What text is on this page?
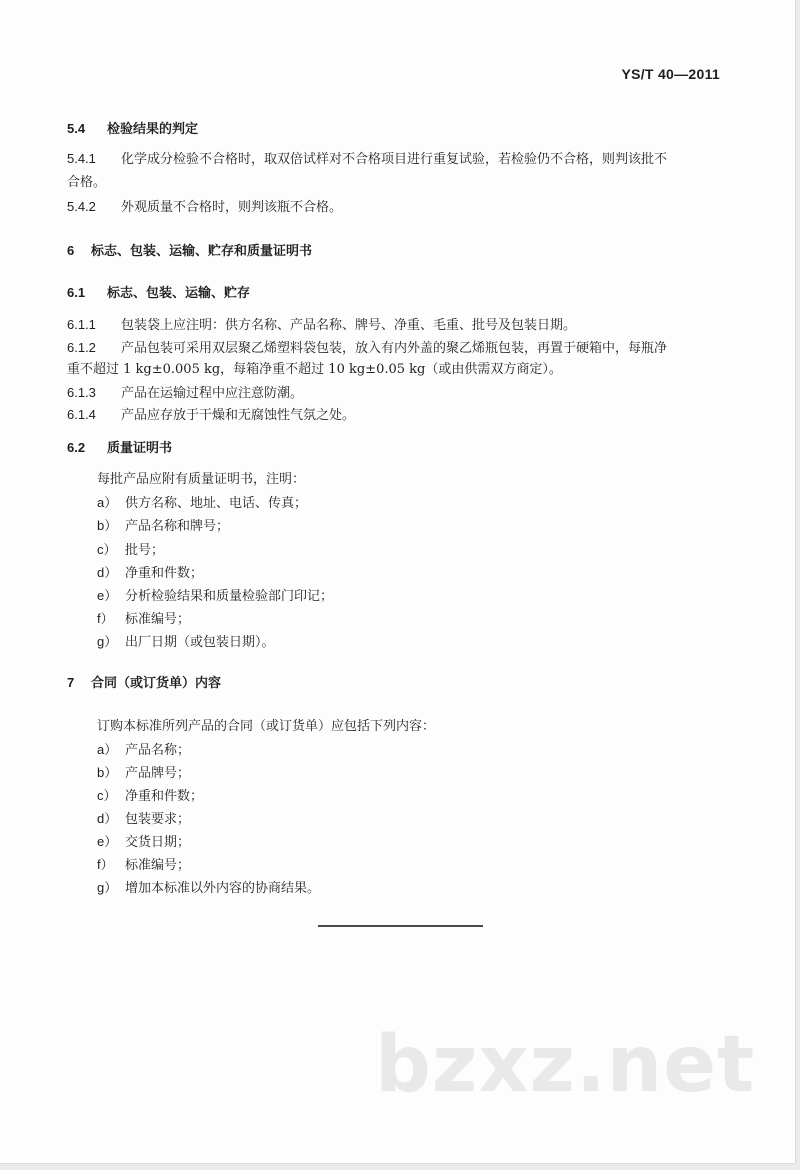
YS/T 40—2011
5.4 检验结果的判定
5.4.1 化学成分检验不合格时，取双倍试样对不合格项目进行重复试验，若检验仍不合格，则判该批不
合格。
5.4.2 外观质量不合格时，则判该瓶不合格。
6 标志、包装、运输、贮存和质量证明书
6.1 标志、包装、运输、贮存
6.1.1 包装袋上应注明：供方名称、产品名称、牌号、净重、毛重、批号及包装日期。
6.1.2 产品包装可采用双层聚乙烯塑料袋包装，放入有内外盖的聚乙烯瓶包装，再置于硬箱中，每瓶净
重不超过 1 kg±0.005 kg，每箱净重不超过 10 kg±0.05 kg（或由供需双方商定）。
6.1.3 产品在运输过程中应注意防潮。
6.1.4 产品应存放于干燥和无腐蚀性气氛之处。
6.2 质量证明书
每批产品应附有质量证明书，注明：
a） 供方名称、地址、电话、传真；
b） 产品名称和牌号；
c） 批号；
d） 净重和件数；
e） 分析检验结果和质量检验部门印记；
f） 标准编号；
g） 出厂日期（或包装日期）。
7 合同（或订货单）内容
订购本标准所列产品的合同（或订货单）应包括下列内容：
a） 产品名称；
b） 产品牌号；
c） 净重和件数；
d） 包装要求；
e） 交货日期；
f） 标准编号；
g） 增加本标准以外内容的协商结果。
bzxz.net
